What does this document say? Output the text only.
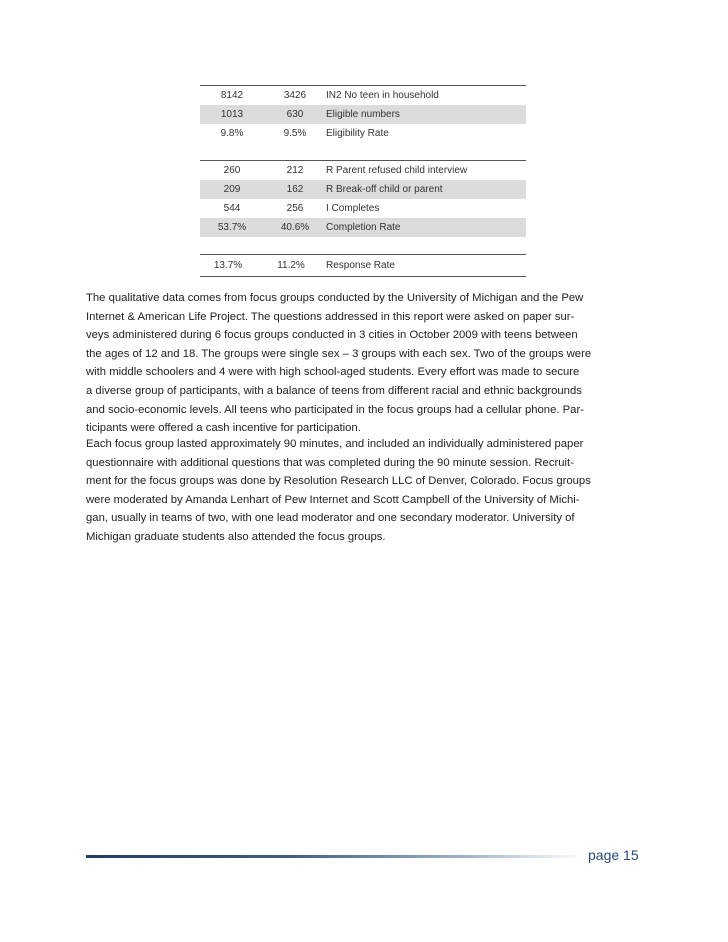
8142	3426	IN2 No teen in household
1013	630	Eligible numbers
9.8%	9.5%	Eligibility Rate
260	212	R Parent refused child interview
209	162	R Break-off child or parent
544	256	I Completes
53.7%	40.6%	Completion Rate
13.7%	11.2%	Response Rate
The qualitative data comes from focus groups conducted by the University of Michigan and the Pew
Internet & American Life Project. The questions addressed in this report were asked on paper sur-
veys administered during 6 focus groups conducted in 3 cities in October 2009 with teens between
the ages of 12 and 18. The groups were single sex – 3 groups with each sex. Two of the groups were
with middle schoolers and 4 were with high school-aged students. Every effort was made to secure
a diverse group of participants, with a balance of teens from different racial and ethnic backgrounds
and socio-economic levels. All teens who participated in the focus groups had a cellular phone. Par-
ticipants were offered a cash incentive for participation.
Each focus group lasted approximately 90 minutes, and included an individually administered paper
questionnaire with additional questions that was completed during the 90 minute session. Recruit-
ment for the focus groups was done by Resolution Research LLC of Denver, Colorado. Focus groups
were moderated by Amanda Lenhart of Pew Internet and Scott Campbell of the University of Michi-
gan, usually in teams of two, with one lead moderator and one secondary moderator. University of
Michigan graduate students also attended the focus groups.
page 15
